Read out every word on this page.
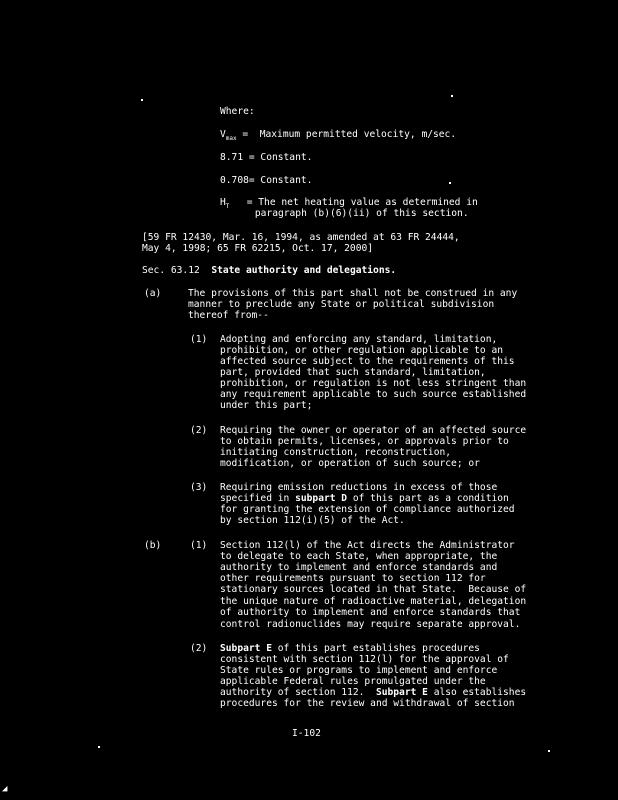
Where:
$V_{max}$ =  Maximum permitted velocity, m/sec.
8.71 = Constant.
0.708= Constant.
$H_T$   = The net heating value as determined in
paragraph (b)(6)(ii) of this section.
[59 FR 12430, Mar. 16, 1994, as amended at 63 FR 24444,
May 4, 1998; 65 FR 62215, Oct. 17, 2000]
Sec. 63.12 State authority and delegations.
(a)	The provisions of this part shall not be construed in any
manner to preclude any State or political subdivision
thereof from--
(1) Adopting and enforcing any standard, limitation,
prohibition, or other regulation applicable to an
affected source subject to the requirements of this
part, provided that such standard, limitation,
prohibition, or regulation is not less stringent than
any requirement applicable to such source established
under this part;
(2) Requiring the owner or operator of an affected source
to obtain permits, licenses, or approvals prior to
initiating construction, reconstruction,
modification, or operation of such source; or
(3) Requiring emission reductions in excess of those
specified in subpart D of this part as a condition
for granting the extension of compliance authorized
by section 112(i)(5) of the Act.
(b)	(1) Section 112(l) of the Act directs the Administrator
to delegate to each State, when appropriate, the
authority to implement and enforce standards and
other requirements pursuant to section 112 for
stationary sources located in that State.  Because of
the unique nature of radioactive material, delegation
of authority to implement and enforce standards that
control radionuclides may require separate approval.
(2) Subpart E of this part establishes procedures
consistent with section 112(l) for the approval of
State rules or programs to implement and enforce
applicable Federal rules promulgated under the
authority of section 112.  Subpart E also establishes
procedures for the review and withdrawal of section
I-102
◢
